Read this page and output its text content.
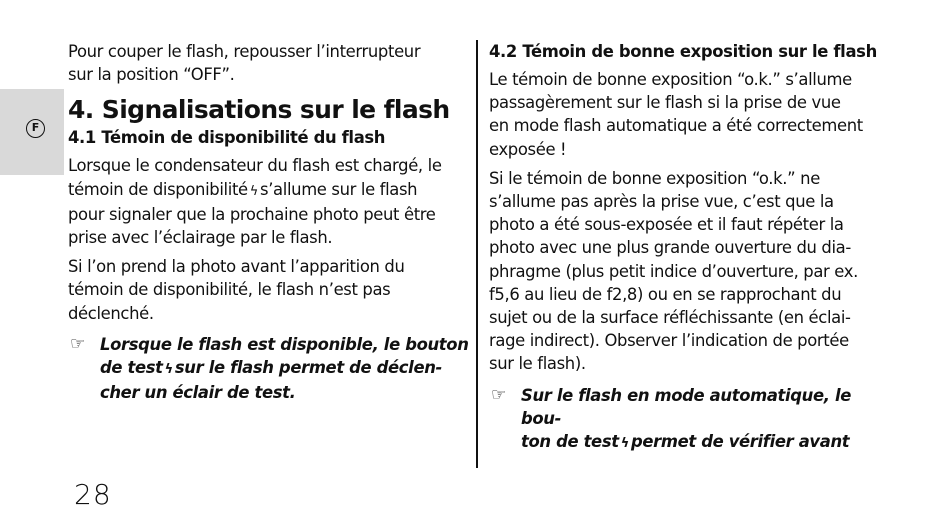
F

Pour couper le flash, repousser l’interrupteur
sur la position “OFF”.

4. Signalisations sur le flash
4.1 Témoin de disponibilité du flash

Lorsque le condensateur du flash est chargé, le
témoin de disponibilité ϟ s’allume sur le flash
pour signaler que la prochaine photo peut être
prise avec l’éclairage par le flash.

Si l’on prend la photo avant l’apparition du
témoin de disponibilité, le flash n’est pas
déclenché.

☞ Lorsque le flash est disponible, le bouton
de test ϟ sur le flash permet de déclen-
cher un éclair de test.
4.2 Témoin de bonne exposition sur le flash

Le témoin de bonne exposition “o.k.” s’allume
passagèrement sur le flash si la prise de vue
en mode flash automatique a été correctement
exposée !

Si le témoin de bonne exposition “o.k.” ne
s’allume pas après la prise vue, c’est que la
photo a été sous-exposée et il faut répéter la
photo avec une plus grande ouverture du dia-
phragme (plus petit indice d’ouverture, par ex.
f5,6 au lieu de f2,8) ou en se rapprochant du
sujet ou de la surface réfléchissante (en éclai-
rage indirect). Observer l’indication de portée
sur le flash).

☞ Sur le flash en mode automatique, le bou-
ton de test ϟ permet de vérifier avant
28
